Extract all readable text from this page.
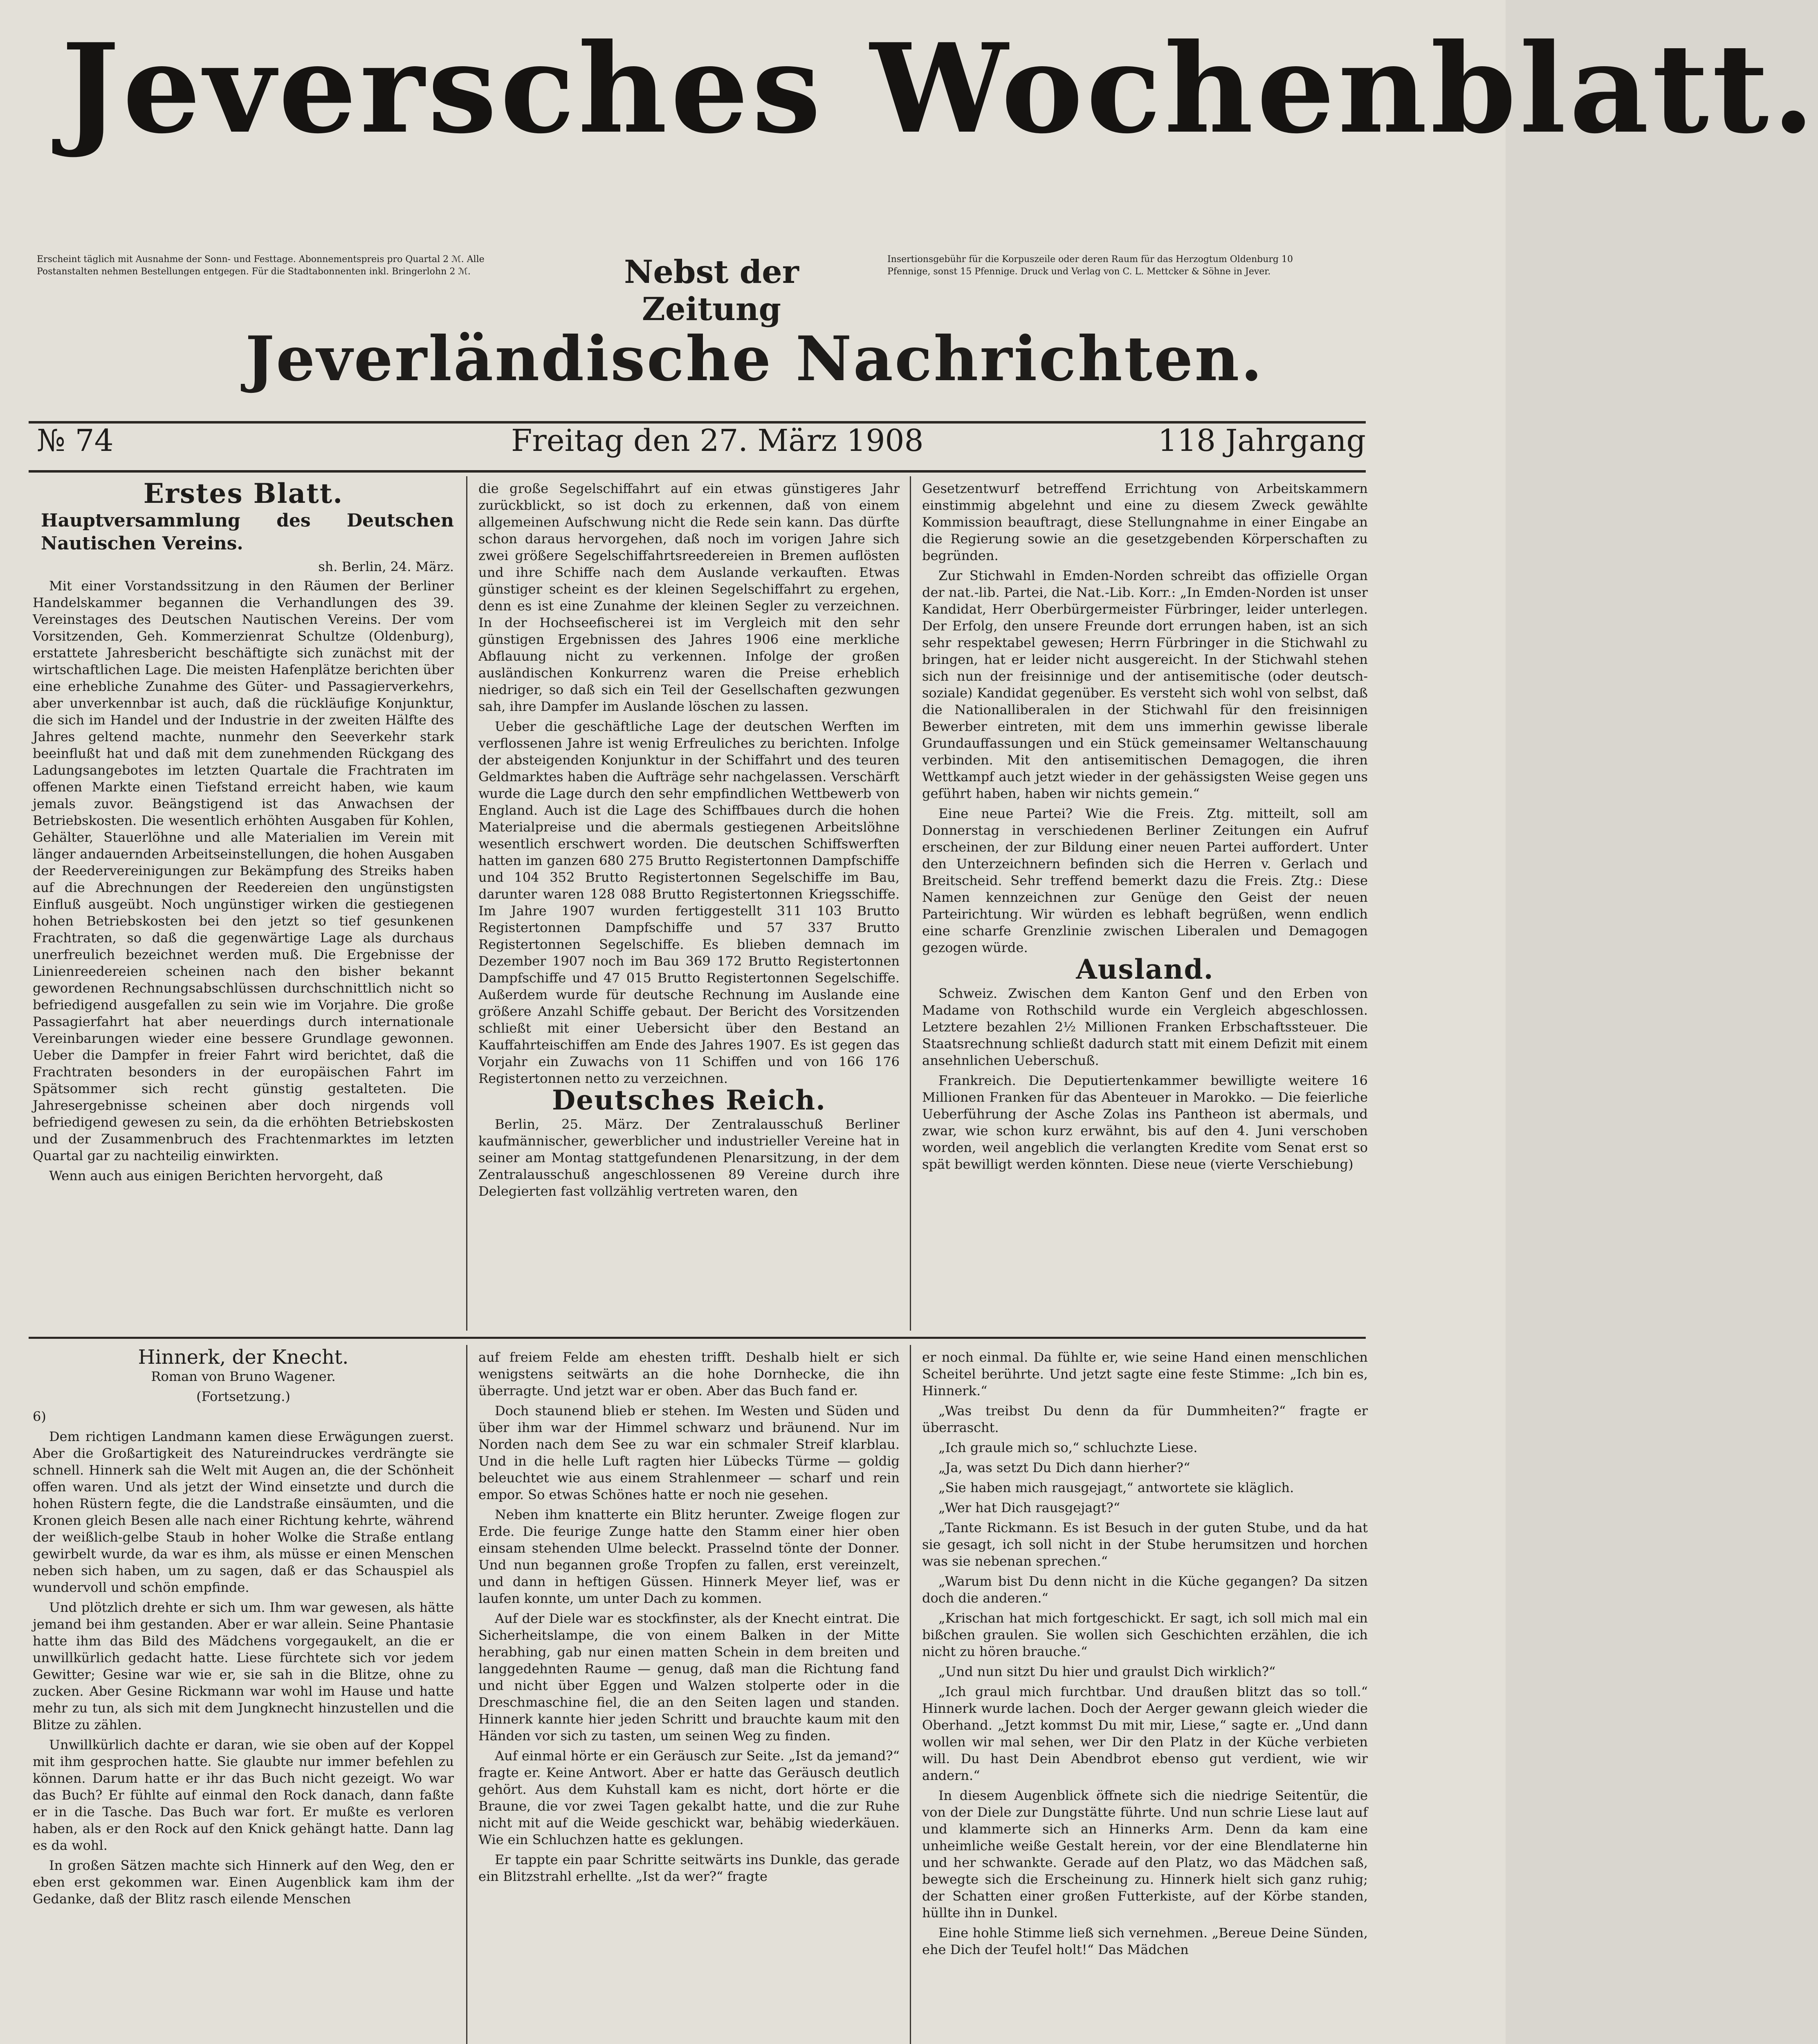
Jeversches Wochenblatt.
Erscheint täglich mit Ausnahme der Sonn- und Festtage. Abonnementspreis pro Quartal 2 ℳ. Alle Postanstalten nehmen Bestellungen entgegen. Für die Stadtabonnenten inkl. Bringerlohn 2 ℳ.	Nebst der Zeitung
Insertionsgebühr für die Korpuszeile oder deren Raum für das Herzogtum Oldenburg 10 Pfennige, sonst 15 Pfennige. Druck und Verlag von C. L. Mettcker & Söhne in Jever.
Jeverländische Nachrichten.
№ 74	Freitag den 27. März 1908	118 Jahrgang
Erstes Blatt.
Hauptversammlung des Deutschen Nautischen Vereins.
sh. Berlin, 24. März.

Mit einer Vorstandssitzung in den Räumen der Berliner Handelskammer begannen die Verhandlungen des 39. Vereinstages des Deutschen Nautischen Vereins. Der vom Vorsitzenden, Geh. Kommerzienrat Schultze (Oldenburg), erstattete Jahresbericht beschäftigte sich zunächst mit der wirtschaftlichen Lage. Die meisten Hafenplätze berichten über eine erhebliche Zunahme des Güter- und Passagierverkehrs, aber unverkennbar ist auch, daß die rückläufige Konjunktur, die sich im Handel und der Industrie in der zweiten Hälfte des Jahres geltend machte, nunmehr den Seeverkehr stark beeinflußt hat und daß mit dem zunehmenden Rückgang des Ladungsangebotes im letzten Quartale die Frachtraten im offenen Markte einen Tiefstand erreicht haben, wie kaum jemals zuvor. Beängstigend ist das Anwachsen der Betriebskosten. Die wesentlich erhöhten Ausgaben für Kohlen, Gehälter, Stauerlöhne und alle Materialien im Verein mit länger andauernden Arbeitseinstellungen, die hohen Ausgaben der Reedervereinigungen zur Bekämpfung des Streiks haben auf die Abrechnungen der Reedereien den ungünstigsten Einfluß ausgeübt. Noch ungünstiger wirken die gestiegenen hohen Betriebskosten bei den jetzt so tief gesunkenen Frachtraten, so daß die gegenwärtige Lage als durchaus unerfreulich bezeichnet werden muß. Die Ergebnisse der Linienreedereien scheinen nach den bisher bekannt gewordenen Rechnungsabschlüssen durchschnittlich nicht so befriedigend ausgefallen zu sein wie im Vorjahre. Die große Passagierfahrt hat aber neuerdings durch internationale Vereinbarungen wieder eine bessere Grundlage gewonnen. Ueber die Dampfer in freier Fahrt wird berichtet, daß die Frachtraten besonders in der europäischen Fahrt im Spätsommer sich recht günstig gestalteten. Die Jahresergebnisse scheinen aber doch nirgends voll befriedigend gewesen zu sein, da die erhöhten Betriebskosten und der Zusammenbruch des Frachtenmarktes im letzten Quartal gar zu nachteilig einwirkten.

Wenn auch aus einigen Berichten hervorgeht, daß

die große Segelschiffahrt auf ein etwas günstigeres Jahr zurückblickt, so ist doch zu erkennen, daß von einem allgemeinen Aufschwung nicht die Rede sein kann. Das dürfte schon daraus hervorgehen, daß noch im vorigen Jahre sich zwei größere Segelschiffahrtsreedereien in Bremen auflösten und ihre Schiffe nach dem Auslande verkauften. Etwas günstiger scheint es der kleinen Segelschiffahrt zu ergehen, denn es ist eine Zunahme der kleinen Segler zu verzeichnen. In der Hochseefischerei ist im Vergleich mit den sehr günstigen Ergebnissen des Jahres 1906 eine merkliche Abflauung nicht zu verkennen. Infolge der großen ausländischen Konkurrenz waren die Preise erheblich niedriger, so daß sich ein Teil der Gesellschaften gezwungen sah, ihre Dampfer im Auslande löschen zu lassen.

Ueber die geschäftliche Lage der deutschen Werften im verflossenen Jahre ist wenig Erfreuliches zu berichten. Infolge der absteigenden Konjunktur in der Schiffahrt und des teuren Geldmarktes haben die Aufträge sehr nachgelassen. Verschärft wurde die Lage durch den sehr empfindlichen Wettbewerb von England. Auch ist die Lage des Schiffbaues durch die hohen Materialpreise und die abermals gestiegenen Arbeitslöhne wesentlich erschwert worden. Die deutschen Schiffswerften hatten im ganzen 680 275 Brutto Registertonnen Dampfschiffe und 104 352 Brutto Registertonnen Segelschiffe im Bau, darunter waren 128 088 Brutto Registertonnen Kriegsschiffe. Im Jahre 1907 wurden fertiggestellt 311 103 Brutto Registertonnen Dampfschiffe und 57 337 Brutto Registertonnen Segelschiffe. Es blieben demnach im Dezember 1907 noch im Bau 369 172 Brutto Registertonnen Dampfschiffe und 47 015 Brutto Registertonnen Segelschiffe. Außerdem wurde für deutsche Rechnung im Auslande eine größere Anzahl Schiffe gebaut. Der Bericht des Vorsitzenden schließt mit einer Uebersicht über den Bestand an Kauffahrteischiffen am Ende des Jahres 1907. Es ist gegen das Vorjahr ein Zuwachs von 11 Schiffen und von 166 176 Registertonnen netto zu verzeichnen.

Deutsches Reich.

Berlin, 25. März. Der Zentralausschuß Berliner kaufmännischer, gewerblicher und industrieller Vereine hat in seiner am Montag stattgefundenen Plenarsitzung, in der dem Zentralausschuß angeschlossenen 89 Vereine durch ihre Delegierten fast vollzählig vertreten waren, den

Gesetzentwurf betreffend Errichtung von Arbeitskammern einstimmig abgelehnt und eine zu diesem Zweck gewählte Kommission beauftragt, diese Stellungnahme in einer Eingabe an die Regierung sowie an die gesetzgebenden Körperschaften zu begründen.

Zur Stichwahl in Emden-Norden schreibt das offizielle Organ der nat.-lib. Partei, die Nat.-Lib. Korr.: „In Emden-Norden ist unser Kandidat, Herr Oberbürgermeister Fürbringer, leider unterlegen. Der Erfolg, den unsere Freunde dort errungen haben, ist an sich sehr respektabel gewesen; Herrn Fürbringer in die Stichwahl zu bringen, hat er leider nicht ausgereicht. In der Stichwahl stehen sich nun der freisinnige und der antisemitische (oder deutsch-soziale) Kandidat gegenüber. Es versteht sich wohl von selbst, daß die Nationalliberalen in der Stichwahl für den freisinnigen Bewerber eintreten, mit dem uns immerhin gewisse liberale Grundauffassungen und ein Stück gemeinsamer Weltanschauung verbinden. Mit den antisemitischen Demagogen, die ihren Wettkampf auch jetzt wieder in der gehässigsten Weise gegen uns geführt haben, haben wir nichts gemein.“

Eine neue Partei? Wie die Freis. Ztg. mitteilt, soll am Donnerstag in verschiedenen Berliner Zeitungen ein Aufruf erscheinen, der zur Bildung einer neuen Partei auffordert. Unter den Unterzeichnern befinden sich die Herren v. Gerlach und Breitscheid. Sehr treffend bemerkt dazu die Freis. Ztg.: Diese Namen kennzeichnen zur Genüge den Geist der neuen Parteirichtung. Wir würden es lebhaft begrüßen, wenn endlich eine scharfe Grenzlinie zwischen Liberalen und Demagogen gezogen würde.

Ausland.

Schweiz. Zwischen dem Kanton Genf und den Erben von Madame von Rothschild wurde ein Vergleich abgeschlossen. Letztere bezahlen 2½ Millionen Franken Erbschaftssteuer. Die Staatsrechnung schließt dadurch statt mit einem Defizit mit einem ansehnlichen Ueberschuß.

Frankreich. Die Deputiertenkammer bewilligte weitere 16 Millionen Franken für das Abenteuer in Marokko. — Die feierliche Ueberführung der Asche Zolas ins Pantheon ist abermals, und zwar, wie schon kurz erwähnt, bis auf den 4. Juni verschoben worden, weil angeblich die verlangten Kredite vom Senat erst so spät bewilligt werden könnten. Diese neue (vierte Verschiebung)

Hinnerk, der Knecht.

Roman von Bruno Wagener.

(Fortsetzung.)

6)

Dem richtigen Landmann kamen diese Erwägungen zuerst. Aber die Großartigkeit des Natureindruckes verdrängte sie schnell. Hinnerk sah die Welt mit Augen an, die der Schönheit offen waren. Und als jetzt der Wind einsetzte und durch die hohen Rüstern fegte, die die Landstraße einsäumten, und die Kronen gleich Besen alle nach einer Richtung kehrte, während der weißlich-gelbe Staub in hoher Wolke die Straße entlang gewirbelt wurde, da war es ihm, als müsse er einen Menschen neben sich haben, um zu sagen, daß er das Schauspiel als wundervoll und schön empfinde.

Und plötzlich drehte er sich um. Ihm war gewesen, als hätte jemand bei ihm gestanden. Aber er war allein. Seine Phantasie hatte ihm das Bild des Mädchens vorgegaukelt, an die er unwillkürlich gedacht hatte. Liese fürchtete sich vor jedem Gewitter; Gesine war wie er, sie sah in die Blitze, ohne zu zucken. Aber Gesine Rickmann war wohl im Hause und hatte mehr zu tun, als sich mit dem Jungknecht hinzustellen und die Blitze zu zählen.

Unwillkürlich dachte er daran, wie sie oben auf der Koppel mit ihm gesprochen hatte. Sie glaubte nur immer befehlen zu können. Darum hatte er ihr das Buch nicht gezeigt. Wo war das Buch? Er fühlte auf einmal den Rock danach, dann faßte er in die Tasche. Das Buch war fort. Er mußte es verloren haben, als er den Rock auf den Knick gehängt hatte. Dann lag es da wohl.

In großen Sätzen machte sich Hinnerk auf den Weg, den er eben erst gekommen war. Einen Augenblick kam ihm der Gedanke, daß der Blitz rasch eilende Menschen

auf freiem Felde am ehesten trifft. Deshalb hielt er sich wenigstens seitwärts an die hohe Dornhecke, die ihn überragte. Und jetzt war er oben. Aber das Buch fand er.

Doch staunend blieb er stehen. Im Westen und Süden und über ihm war der Himmel schwarz und bräunend. Nur im Norden nach dem See zu war ein schmaler Streif klarblau. Und in die helle Luft ragten hier Lübecks Türme — goldig beleuchtet wie aus einem Strahlenmeer — scharf und rein empor. So etwas Schönes hatte er noch nie gesehen.

Neben ihm knatterte ein Blitz herunter. Zweige flogen zur Erde. Die feurige Zunge hatte den Stamm einer hier oben einsam stehenden Ulme beleckt. Prasselnd tönte der Donner. Und nun begannen große Tropfen zu fallen, erst vereinzelt, und dann in heftigen Güssen. Hinnerk Meyer lief, was er laufen konnte, um unter Dach zu kommen.

Auf der Diele war es stockfinster, als der Knecht eintrat. Die Sicherheitslampe, die von einem Balken in der Mitte herabhing, gab nur einen matten Schein in dem breiten und langgedehnten Raume — genug, daß man die Richtung fand und nicht über Eggen und Walzen stolperte oder in die Dreschmaschine fiel, die an den Seiten lagen und standen. Hinnerk kannte hier jeden Schritt und brauchte kaum mit den Händen vor sich zu tasten, um seinen Weg zu finden.

Auf einmal hörte er ein Geräusch zur Seite. „Ist da jemand?“ fragte er. Keine Antwort. Aber er hatte das Geräusch deutlich gehört. Aus dem Kuhstall kam es nicht, dort hörte er die Braune, die vor zwei Tagen gekalbt hatte, und die zur Ruhe nicht mit auf die Weide geschickt war, behäbig wiederkäuen. Wie ein Schluchzen hatte es geklungen.

Er tappte ein paar Schritte seitwärts ins Dunkle, das gerade ein Blitzstrahl erhellte. „Ist da wer?“ fragte

er noch einmal. Da fühlte er, wie seine Hand einen menschlichen Scheitel berührte. Und jetzt sagte eine feste Stimme: „Ich bin es, Hinnerk.“

„Was treibst Du denn da für Dummheiten?“ fragte er überrascht.

„Ich graule mich so,“ schluchzte Liese.

„Ja, was setzt Du Dich dann hierher?“

„Sie haben mich rausgejagt,“ antwortete sie kläglich.

„Wer hat Dich rausgejagt?“

„Tante Rickmann. Es ist Besuch in der guten Stube, und da hat sie gesagt, ich soll nicht in der Stube herumsitzen und horchen was sie nebenan sprechen.“

„Warum bist Du denn nicht in die Küche gegangen? Da sitzen doch die anderen.“

„Krischan hat mich fortgeschickt. Er sagt, ich soll mich mal ein bißchen graulen. Sie wollen sich Geschichten erzählen, die ich nicht zu hören brauche.“

„Und nun sitzt Du hier und graulst Dich wirklich?“

„Ich graul mich furchtbar. Und draußen blitzt das so toll.“ Hinnerk wurde lachen. Doch der Aerger gewann gleich wieder die Oberhand. „Jetzt kommst Du mit mir, Liese,“ sagte er. „Und dann wollen wir mal sehen, wer Dir den Platz in der Küche verbieten will. Du hast Dein Abendbrot ebenso gut verdient, wie wir andern.“

In diesem Augenblick öffnete sich die niedrige Seitentür, die von der Diele zur Dungstätte führte. Und nun schrie Liese laut auf und klammerte sich an Hinnerks Arm. Denn da kam eine unheimliche weiße Gestalt herein, vor der eine Blendlaterne hin und her schwankte. Gerade auf den Platz, wo das Mädchen saß, bewegte sich die Erscheinung zu. Hinnerk hielt sich ganz ruhig; der Schatten einer großen Futterkiste, auf der Körbe standen, hüllte ihn in Dunkel.

Eine hohle Stimme ließ sich vernehmen. „Bereue Deine Sünden, ehe Dich der Teufel holt!“ Das Mädchen
